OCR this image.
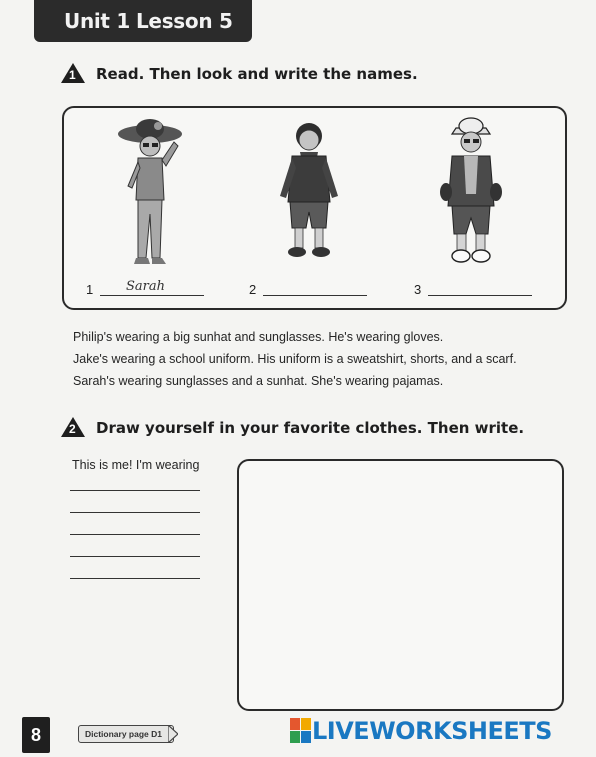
Unit 1 Lesson 5
1 Read. Then look and write the names.
1	Sarah	2	3
Philip's wearing a big sunhat and sunglasses. He's wearing gloves.
Jake's wearing a school uniform. His uniform is a sweatshirt, shorts, and a scarf.
Sarah's wearing sunglasses and a sunhat. She's wearing pajamas.
2 Draw yourself in your favorite clothes. Then write.
This is me! I'm wearing
8	Dictionary page D1	LIVEWORKSHEETS
